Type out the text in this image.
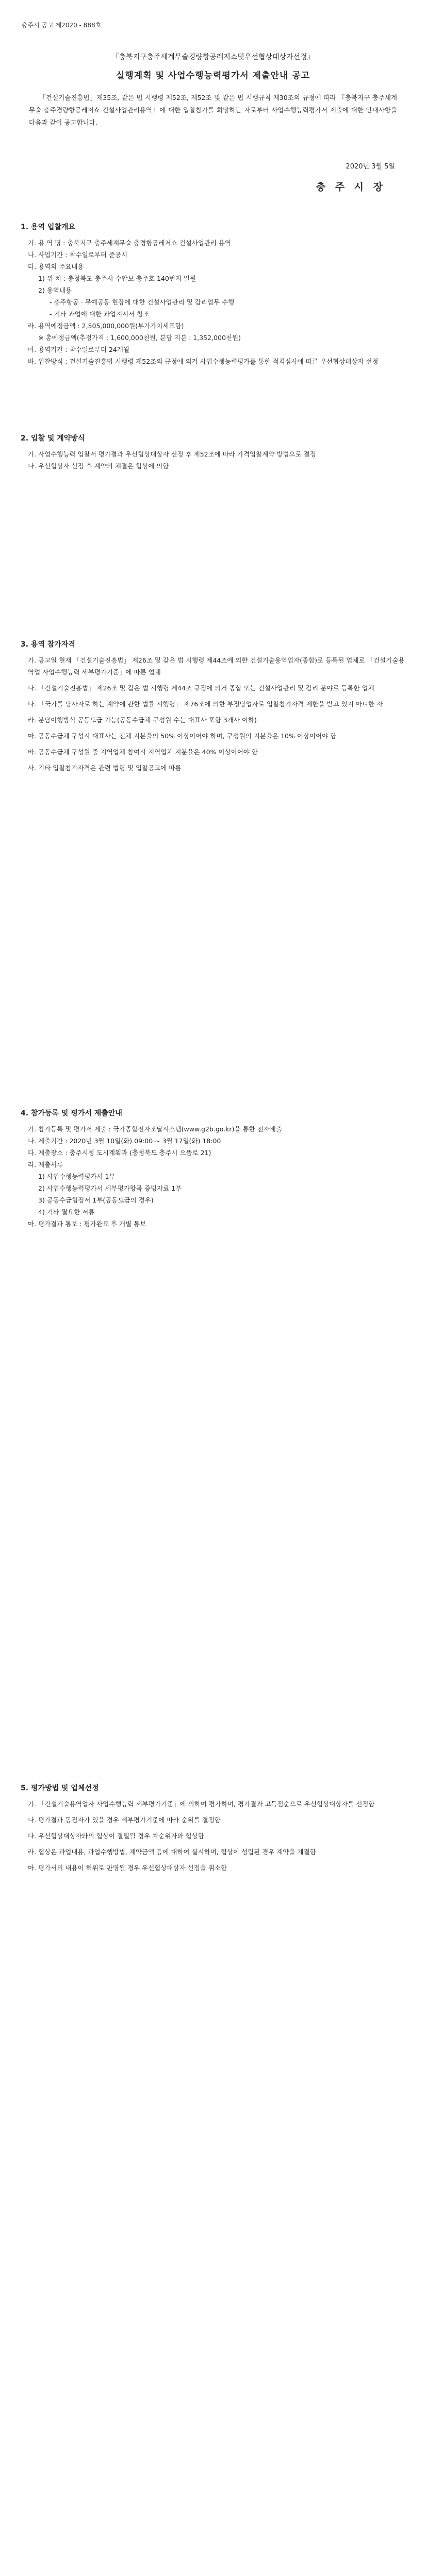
충주시 공고 제2020 - 888호

『충북지구충주세계무술경량항공레저쇼및우선협상대상자선정』

실행계획 및 사업수행능력평가서 제출안내 공고

「건설기술진흥법」제35조, 같은 법 시행령 제52조, 제52조 및 같은 법 시행규칙 제30조의 규정에 따라 『충북지구 충주세계무술 충주경량항공레저쇼 건설사업관리용역』에 대한 입찰참가를 희망하는 자로부터 사업수행능력평가서 제출에 대한 안내사항을 다음과 같이 공고합니다.
2020년 3월 5일
충 주 시 장
1. 용역 입찰개요
가. 용 역 명 : 충북지구 충주세계무술 충경항공레저쇼 건설사업관리 용역
나. 사업기간 : 착수일로부터 준공시
다. 용역의 주요내용
1) 위 치 : 충청북도 충주시 수안보 충주호 140번지 일원
2) 용역내용
- 충주항공 · 무예공동 현장에 대한 건설사업관리 및 감리업무 수행
- 기타 과업에 대한 과업지시서 참조
라. 용역예정금액 : 2,505,000,000원(부가가치세포함)
※ 총예정금액(추정가격 : 1,600,000천원, 분담 지분 : 1,352,000천원)
마. 용역기간 : 착수일로부터 24개월
바. 입찰방식 : 건설기술진흥법 시행령 제52조의 규정에 의거 사업수행능력평가를 통한 적격심사에 따른 우선협상대상자 선정
2. 입찰 및 계약방식
가. 사업수행능력 입찰서 평가결과 우선협상대상자 선정 후 제52조에 따라 가격입찰계약 방법으로 결정
나. 우선협상자 선정 후 계약의 체결은 협상에 의함
3. 용역 참가자격
가. 공고일 현재 「건설기술진흥법」 제26조 및 같은 법 시행령 제44조에 의한 건설기술용역업자(종합)로 등록된 업체로 「건설기술용역업 사업수행능력 세부평가기준」에 따른 업체
나. 「건설기술진흥법」 제26조 및 같은 법 시행령 제44조 규정에 의거 종합 또는 건설사업관리 및 감리 분야로 등록한 업체
다. 「국가를 당사자로 하는 계약에 관한 법률 시행령」 제76조에 의한 부정당업자로 입찰참가자격 제한을 받고 있지 아니한 자
라. 분담이행방식 공동도급 가능(공동수급체 구성원 수는 대표사 포함 3개사 이하)
마. 공동수급체 구성시 대표사는 전체 지분율의 50% 이상이어야 하며, 구성원의 지분율은 10% 이상이어야 함
바. 공동수급체 구성원 중 지역업체 참여시 지역업체 지분율은 40% 이상이어야 함
사. 기타 입찰참가자격은 관련 법령 및 입찰공고에 따름
4. 참가등록 및 평가서 제출안내
가. 참가등록 및 평가서 제출 : 국가종합전자조달시스템(www.g2b.go.kr)을 통한 전자제출
나. 제출기간 : 2020년 3월 10일(화) 09:00 ~ 3월 17일(화) 18:00
다. 제출장소 : 충주시청 도시계획과 (충청북도 충주시 으뜸로 21)
라. 제출서류
1) 사업수행능력평가서 1부
2) 사업수행능력평가서 세부평가항목 증빙자료 1부
3) 공동수급협정서 1부(공동도급의 경우)
4) 기타 필요한 서류
마. 평가결과 통보 : 평가완료 후 개별 통보
5. 평가방법 및 업체선정
가. 「건설기술용역업자 사업수행능력 세부평가기준」에 의하여 평가하며, 평가결과 고득점순으로 우선협상대상자를 선정함
나. 평가결과 동점자가 있을 경우 세부평가기준에 따라 순위를 결정함
다. 우선협상대상자와의 협상이 결렬될 경우 차순위자와 협상함
라. 협상은 과업내용, 과업수행방법, 계약금액 등에 대하여 실시하며, 협상이 성립된 경우 계약을 체결함
마. 평가서의 내용이 허위로 판명될 경우 우선협상대상자 선정을 취소함
